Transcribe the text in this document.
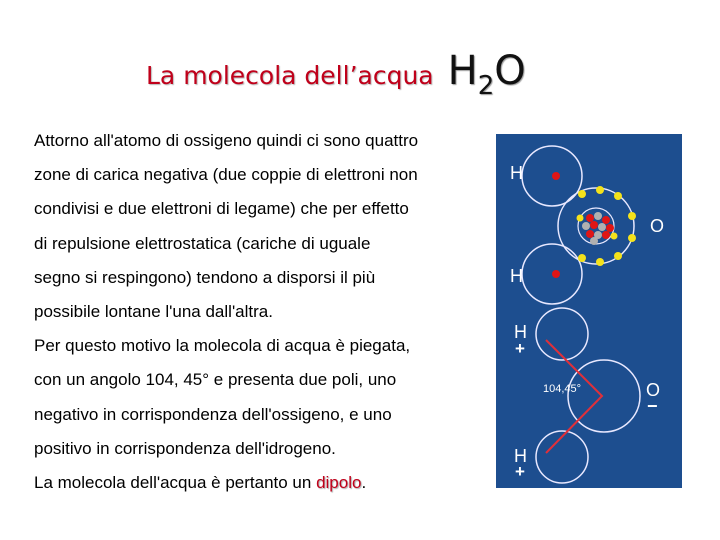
La molecola dell’acqua $H_2O$

Attorno all'atomo di ossigeno quindi ci sono quattro
zone di carica negativa (due coppie di elettroni non
condivisi e due elettroni di legame) che per effetto
di repulsione elettrostatica (cariche di uguale
segno si respingono) tendono a disporsi il più
possibile lontane l'una dall'altra.

Per questo motivo la molecola di acqua è piegata,
con un angolo 104, 45° e presenta due poli, uno
negativo in corrispondenza dell'ossigeno, e uno
positivo in corrispondenza dell'idrogeno.

La molecola dell'acqua è pertanto un dipolo.

H
O
H
H
+
104,45°	O
−
H
+
